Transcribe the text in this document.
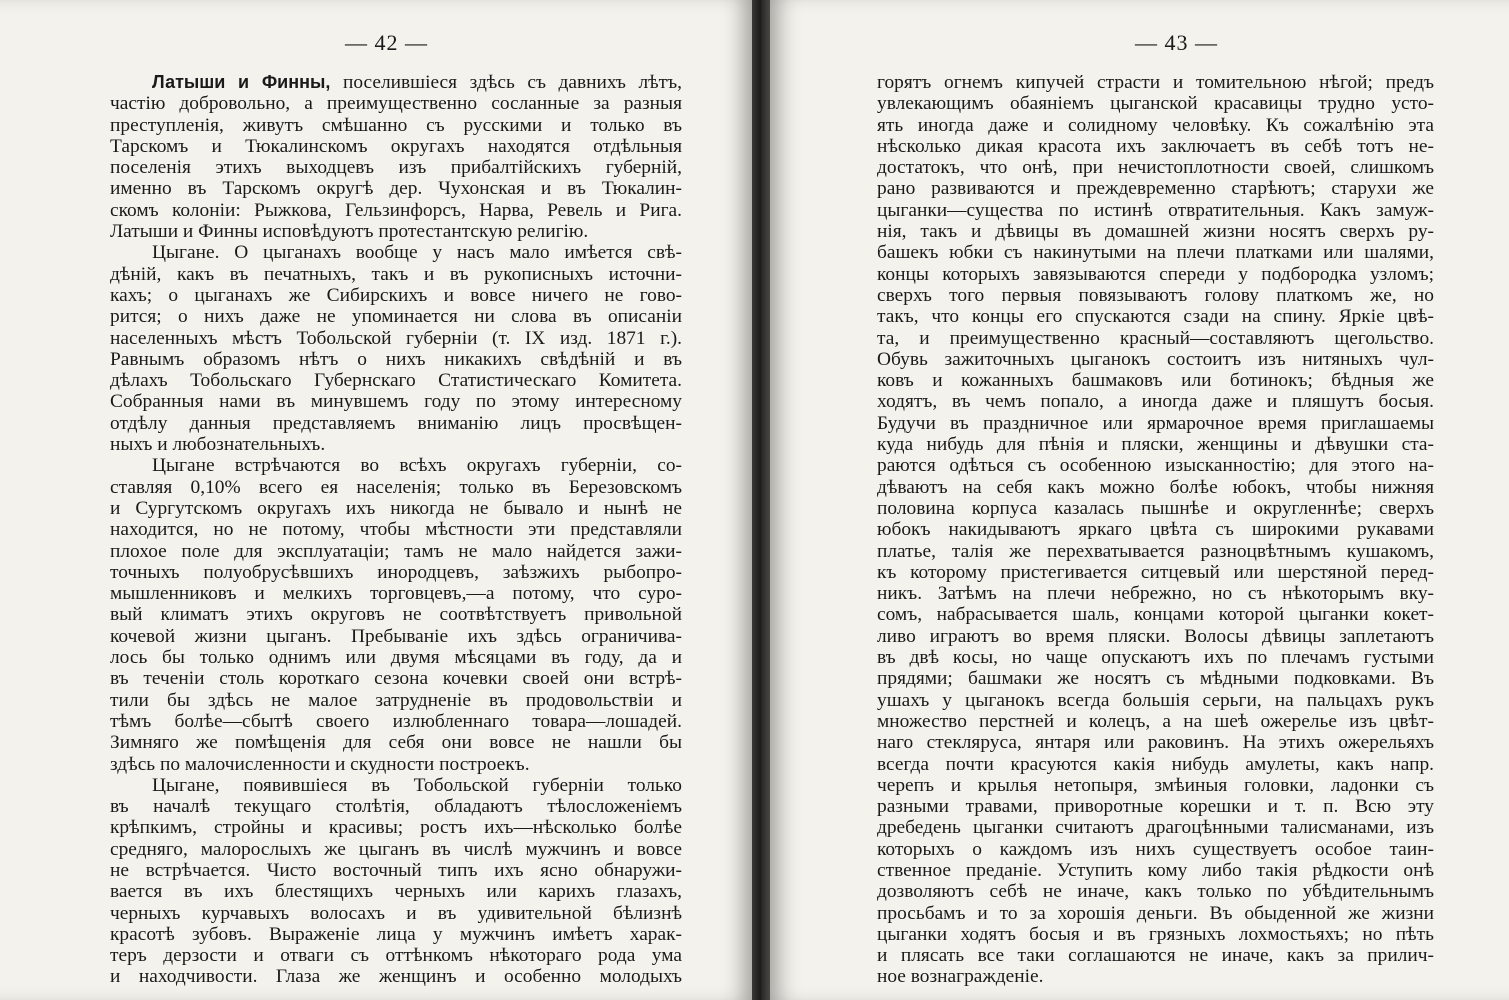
— 42 —
Латыши и Финны, поселившіеся здѣсь съ давнихъ лѣтъ,
частію добровольно, а преимущественно сосланные за разныя
преступленія, живутъ смѣшанно съ русскими и только въ
Тарскомъ и Тюкалинскомъ округахъ находятся отдѣльныя
поселенія этихъ выходцевъ изъ прибалтійскихъ губерній,
именно въ Тарскомъ округѣ дер. Чухонская и въ Тюкалин-
скомъ колоніи: Рыжкова, Гельзинфорсъ, Нарва, Ревель и Рига.
Латыши и Финны исповѣдуютъ протестантскую религію.
Цыгане. О цыганахъ вообще у насъ мало имѣется свѣ-
дѣній, какъ въ печатныхъ, такъ и въ рукописныхъ источни-
кахъ; о цыганахъ же Сибирскихъ и вовсе ничего не гово-
рится; о нихъ даже не упоминается ни слова въ описаніи
населенныхъ мѣстъ Тобольской губерніи (т. IX изд. 1871 г.).
Равнымъ образомъ нѣтъ о нихъ никакихъ свѣдѣній и въ
дѣлахъ Тобольскаго Губернскаго Статистическаго Комитета.
Собранныя нами въ минувшемъ году по этому интересному
отдѣлу данныя представляемъ вниманію лицъ просвѣщен-
ныхъ и любознательныхъ.
Цыгане встрѣчаются во всѣхъ округахъ губерніи, со-
ставляя 0,10% всего ея населенія; только въ Березовскомъ
и Сургутскомъ округахъ ихъ никогда не бывало и нынѣ не
находится, но не потому, чтобы мѣстности эти представляли
плохое поле для эксплуатаціи; тамъ не мало найдется зажи-
точныхъ полуобрусѣвшихъ инородцевъ, заѣзжихъ рыбопро-
мышленниковъ и мелкихъ торговцевъ,—а потому, что суро-
вый климатъ этихъ округовъ не соотвѣтствуетъ привольной
кочевой жизни цыганъ. Пребываніе ихъ здѣсь ограничива-
лось бы только однимъ или двумя мѣсяцами въ году, да и
въ теченіи столь короткаго сезона кочевки своей они встрѣ-
тили бы здѣсь не малое затрудненіе въ продовольствіи и
тѣмъ болѣе—сбытѣ своего излюбленнаго товара—лошадей.
Зимняго же помѣщенія для себя они вовсе не нашли бы
здѣсь по малочисленности и скудности построекъ.
Цыгане, появившіеся въ Тобольской губерніи только
въ началѣ текущаго столѣтія, обладаютъ тѣлосложеніемъ
крѣпкимъ, стройны и красивы; ростъ ихъ—нѣсколько болѣе
средняго, малорослыхъ же цыганъ въ числѣ мужчинъ и вовсе
не встрѣчается. Чисто восточный типъ ихъ ясно обнаружи-
вается въ ихъ блестящихъ черныхъ или карихъ глазахъ,
черныхъ курчавыхъ волосахъ и въ удивительной бѣлизнѣ
красотѣ зубовъ. Выраженіе лица у мужчинъ имѣетъ харак-
теръ дерзости и отваги съ оттѣнкомъ нѣкотораго рода ума
и находчивости. Глаза же женщинъ и особенно молодыхъ
— 43 —
горятъ огнемъ кипучей страсти и томительною нѣгой; предъ
увлекающимъ обаяніемъ цыганской красавицы трудно усто-
ять иногда даже и солидному человѣку. Къ сожалѣнію эта
нѣсколько дикая красота ихъ заключаетъ въ себѣ тотъ не-
достатокъ, что онѣ, при нечистоплотности своей, слишкомъ
рано развиваются и преждевременно старѣютъ; старухи же
цыганки—существа по истинѣ отвратительныя. Какъ замуж-
нія, такъ и дѣвицы въ домашней жизни носятъ сверхъ ру-
башекъ юбки съ накинутыми на плечи платками или шалями,
концы которыхъ завязываются спереди у подбородка узломъ;
сверхъ того первыя повязываютъ голову платкомъ же, но
такъ, что концы его спускаются сзади на спину. Яркіе цвѣ-
та, и преимущественно красный—составляютъ щегольство.
Обувь зажиточныхъ цыганокъ состоитъ изъ нитяныхъ чул-
ковъ и кожанныхъ башмаковъ или ботинокъ; бѣдныя же
ходятъ, въ чемъ попало, а иногда даже и пляшутъ босыя.
Будучи въ праздничное или ярмарочное время приглашаемы
куда нибудь для пѣнія и пляски, женщины и дѣвушки ста-
раются одѣться съ особенною изысканностію; для этого на-
дѣваютъ на себя какъ можно болѣе юбокъ, чтобы нижняя
половина корпуса казалась пышнѣе и округленнѣе; сверхъ
юбокъ накидываютъ яркаго цвѣта съ широкими рукавами
платье, талія же перехватывается разноцвѣтнымъ кушакомъ,
къ которому пристегивается ситцевый или шерстяной перед-
никъ. Затѣмъ на плечи небрежно, но съ нѣкоторымъ вку-
сомъ, набрасывается шаль, концами которой цыганки кокет-
ливо играютъ во время пляски. Волосы дѣвицы заплетаютъ
въ двѣ косы, но чаще опускаютъ ихъ по плечамъ густыми
прядями; башмаки же носятъ съ мѣдными подковками. Въ
ушахъ у цыганокъ всегда большія серьги, на пальцахъ рукъ
множество перстней и колецъ, а на шеѣ ожерелье изъ цвѣт-
наго стекляруса, янтаря или раковинъ. На этихъ ожерельяхъ
всегда почти красуются какія нибудь амулеты, какъ напр.
черепъ и крылья нетопыря, змѣиныя головки, ладонки съ
разными травами, приворотные корешки и т. п. Всю эту
дребедень цыганки считаютъ драгоцѣнными талисманами, изъ
которыхъ о каждомъ изъ нихъ существуетъ особое таин-
ственное преданіе. Уступить кому либо такія рѣдкости онѣ
дозволяютъ себѣ не иначе, какъ только по убѣдительнымъ
просьбамъ и то за хорошія деньги. Въ обыденной же жизни
цыганки ходятъ босыя и въ грязныхъ лохмостьяхъ; но пѣть
и плясать все таки соглашаются не иначе, какъ за прилич-
ное вознагражденіе.
